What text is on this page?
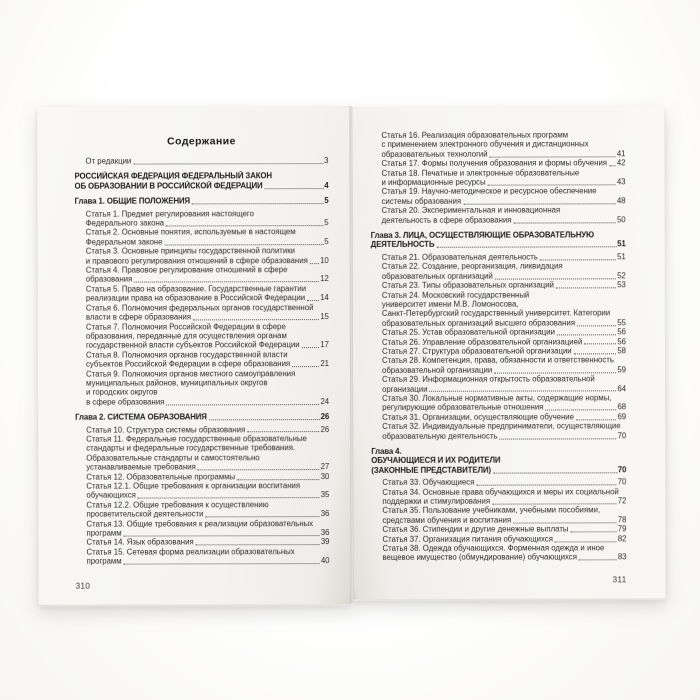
Содержание
От редакции	3
РОССИЙСКАЯ ФЕДЕРАЦИЯ ФЕДЕРАЛЬНЫЙ ЗАКОН
ОБ ОБРАЗОВАНИИ В РОССИЙСКОЙ ФЕДЕРАЦИИ	4
Глава 1. ОБЩИЕ ПОЛОЖЕНИЯ	5
Статья 1. Предмет регулирования настоящего
Федерального закона	5
Статья 2. Основные понятия, используемые в настоящем
Федеральном законе	5
Статья 3. Основные принципы государственной политики
и правового регулирования отношений в сфере образования 10
Статья 4. Правовое регулирование отношений в сфере
образования	12
Статья 5. Право на образование. Государственные гарантии
реализации права на образование в Российской Федерации 14
Статья 6. Полномочия федеральных органов государственной
власти в сфере образования	15
Статья 7. Полномочия Российской Федерации в сфере
образования, переданные для осуществления органам
государственной власти субъектов Российской Федерации	17
Статья 8. Полномочия органов государственной власти
субъектов Российской Федерации в сфере образования	21
Статья 9. Полномочия органов местного самоуправления
муниципальных районов, муниципальных округов
и городских округов
в сфере образования	24
Глава 2. СИСТЕМА ОБРАЗОВАНИЯ	26
Статья 10. Структура системы образования	26
Статья 11. Федеральные государственные образовательные
стандарты и федеральные государственные требования.
Образовательные стандарты и самостоятельно
устанавливаемые требования	27
Статья 12. Образовательные программы	30
Статья 12.1. Общие требования к организации воспитания
обучающихся	35
Статья 12.2. Общие требования к осуществлению
просветительской деятельности	36
Статья 13. Общие требования к реализации образовательных
программ	36
Статья 14. Язык образования	39
Статья 15. Сетевая форма реализации образовательных
программ	40
310
Статья 16. Реализация образовательных программ
с применением электронного обучения и дистанционных
образовательных технологий	41
Статья 17. Формы получения образования и формы обучения 42
Статья 18. Печатные и электронные образовательные
и информационные ресурсы	43
Статья 19. Научно-методическое и ресурсное обеспечение
системы образования	48
Статья 20. Экспериментальная и инновационная
деятельность в сфере образования	50
Глава 3. ЛИЦА, ОСУЩЕСТВЛЯЮЩИЕ ОБРАЗОВАТЕЛЬНУЮ
ДЕЯТЕЛЬНОСТЬ	51
Статья 21. Образовательная деятельность	51
Статья 22. Создание, реорганизация, ликвидация
образовательных организаций	52
Статья 23. Типы образовательных организаций	53
Статья 24. Московский государственный
университет имени М.В. Ломоносова,
Санкт-Петербургский государственный университет. Категории
образовательных организаций высшего образования	55
Статья 25. Устав образовательной организации	56
Статья 26. Управление образовательной организацией	56
Статья 27. Структура образовательной организации	58
Статья 28. Компетенция, права, обязанности и ответственность
образовательной организации	59
Статья 29. Информационная открытость образовательной
организации	64
Статья 30. Локальные нормативные акты, содержащие нормы,
регулирующие образовательные отношения	68
Статья 31. Организации, осуществляющие обучение	69
Статья 32. Индивидуальные предприниматели, осуществляющие
образовательную деятельность	70
Глава 4.
ОБУЧАЮЩИЕСЯ И ИХ РОДИТЕЛИ
(ЗАКОННЫЕ ПРЕДСТАВИТЕЛИ)	70
Статья 33. Обучающиеся	70
Статья 34. Основные права обучающихся и меры их социальной
поддержки и стимулирования	72
Статья 35. Пользование учебниками, учебными пособиями,
средствами обучения и воспитания	78
Статья 36. Стипендии и другие денежные выплаты	79
Статья 37. Организация питания обучающихся	82
Статья 38. Одежда обучающихся. Форменная одежда и иное
вещевое имущество (обмундирование) обучающихся	83
311
